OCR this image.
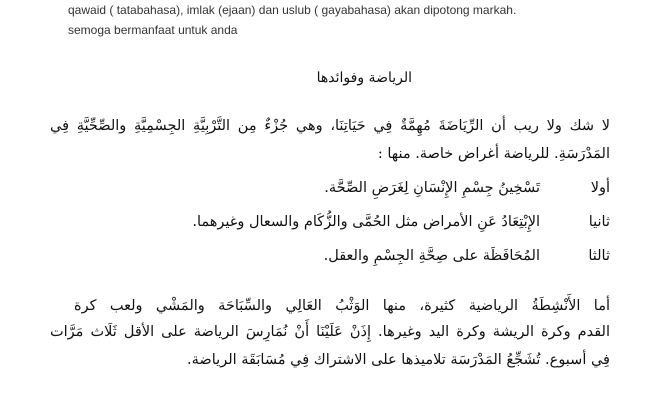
qawaid ( tatabahasa), imlak (ejaan) dan uslub ( gayabahasa) akan dipotong markah.
semoga bermanfaat untuk anda
الرياضة وفوائدها
لا شك ولا ريب أن الرِّيَاضَةَ مُهِمَّةٌ فِي حَيَاتِنَا، وهي جُزْءٌ مِن التَّرْبِيَّةِ الجِسْمِيَّةِ والصِّحِّيَّةِ فِي
المَدْرَسَةِ. للرياضة أغراض خاصة. منها :
أولا
تَسْخِينُ جِسْمِ الإِنْسَانِ لِغَرَضِ الصِّحَّة.
ثانيا
الإِبْتِعَادُ عَنِ الأمراض مثل الحُمَّى والزُّكَام والسعال وغيرهما.
ثالثا
المُحَافَظَة على صِحَّةِ الجِسْمِ والعقل.
أما الأَنْشِطَةُ الرياضية كثيرة، منها الوَثْبُ العَالِي والسِّبَاحَة والمَشْي ولعب كرة
القدم وكرة الريشة وكرة اليد وغيرها. إِذَنْ عَلَيْنَا أَنْ نُمَارِسَ الرياضة على الأقل ثَلَاث مَرَّات
فِي أسبوع. تُشَجِّعُ المَدْرَسَة تلاميذها على الاشتراك فِي مُسَابَقَة الرياضة.
